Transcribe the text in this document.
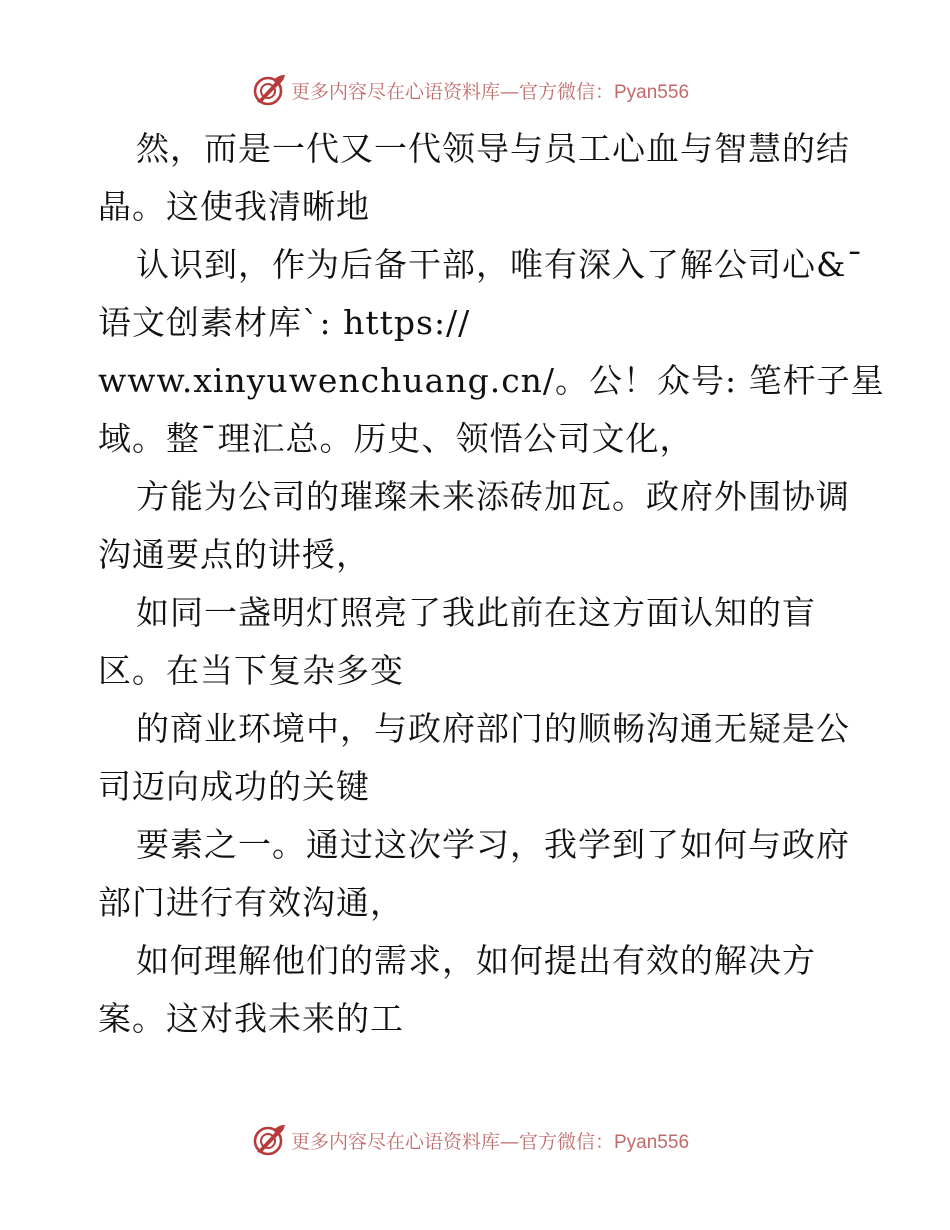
更多内容尽在心语资料库—官方微信：Pyan556
然，而是一代又一代领导与员工心血与智慧的结
晶。这使我清晰地
认识到，作为后备干部，唯有深入了解公司心&¯
语文创素材库`: https://
www.xinyuwenchuang.cn/。公！众号: 笔杆子星
域。整¯理汇总。历史、领悟公司文化，
方能为公司的璀璨未来添砖加瓦。政府外围协调
沟通要点的讲授，
如同一盏明灯照亮了我此前在这方面认知的盲
区。在当下复杂多变
的商业环境中，与政府部门的顺畅沟通无疑是公
司迈向成功的关键
要素之一。通过这次学习，我学到了如何与政府
部门进行有效沟通，
如何理解他们的需求，如何提出有效的解决方
案。这对我未来的工
更多内容尽在心语资料库—官方微信：Pyan556
